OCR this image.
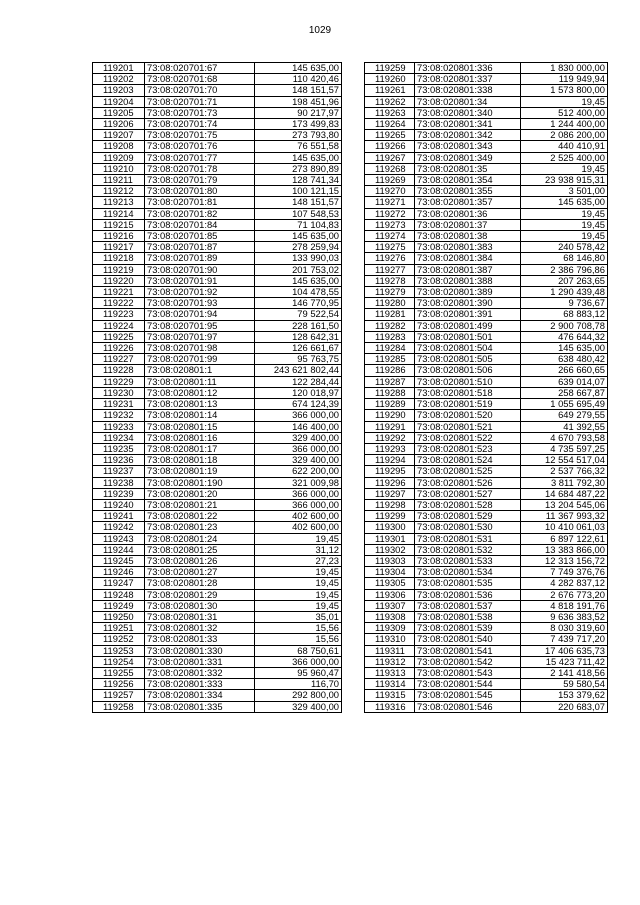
1029
119201	73:08:020701:67	145 635,00
119202	73:08:020701:68	110 420,46
119203	73:08:020701:70	148 151,57
119204	73:08:020701:71	198 451,96
119205	73:08:020701:73	90 217,97
119206	73:08:020701:74	173 499,83
119207	73:08:020701:75	273 793,80
119208	73:08:020701:76	76 551,58
119209	73:08:020701:77	145 635,00
119210	73:08:020701:78	273 890,89
119211	73:08:020701:79	128 741,34
119212	73:08:020701:80	100 121,15
119213	73:08:020701:81	148 151,57
119214	73:08:020701:82	107 548,53
119215	73:08:020701:84	71 104,83
119216	73:08:020701:85	145 635,00
119217	73:08:020701:87	278 259,94
119218	73:08:020701:89	133 990,03
119219	73:08:020701:90	201 753,02
119220	73:08:020701:91	145 635,00
119221	73:08:020701:92	104 478,55
119222	73:08:020701:93	146 770,95
119223	73:08:020701:94	79 522,54
119224	73:08:020701:95	228 161,50
119225	73:08:020701:97	128 642,31
119226	73:08:020701:98	126 661,67
119227	73:08:020701:99	95 763,75
119228	73:08:020801:1	243 621 802,44
119229	73:08:020801:11	122 284,44
119230	73:08:020801:12	120 018,97
119231	73:08:020801:13	674 124,39
119232	73:08:020801:14	366 000,00
119233	73:08:020801:15	146 400,00
119234	73:08:020801:16	329 400,00
119235	73:08:020801:17	366 000,00
119236	73:08:020801:18	329 400,00
119237	73:08:020801:19	622 200,00
119238	73:08:020801:190	321 009,98
119239	73:08:020801:20	366 000,00
119240	73:08:020801:21	366 000,00
119241	73:08:020801:22	402 600,00
119242	73:08:020801:23	402 600,00
119243	73:08:020801:24	19,45
119244	73:08:020801:25	31,12
119245	73:08:020801:26	27,23
119246	73:08:020801:27	19,45
119247	73:08:020801:28	19,45
119248	73:08:020801:29	19,45
119249	73:08:020801:30	19,45
119250	73:08:020801:31	35,01
119251	73:08:020801:32	15,56
119252	73:08:020801:33	15,56
119253	73:08:020801:330	68 750,61
119254	73:08:020801:331	366 000,00
119255	73:08:020801:332	95 960,47
119256	73:08:020801:333	116,70
119257	73:08:020801:334	292 800,00
119258	73:08:020801:335	329 400,00
119259	73:08:020801:336	1 830 000,00
119260	73:08:020801:337	119 949,94
119261	73:08:020801:338	1 573 800,00
119262	73:08:020801:34	19,45
119263	73:08:020801:340	512 400,00
119264	73:08:020801:341	1 244 400,00
119265	73:08:020801:342	2 086 200,00
119266	73:08:020801:343	440 410,91
119267	73:08:020801:349	2 525 400,00
119268	73:08:020801:35	19,45
119269	73:08:020801:354	23 938 915,31
119270	73:08:020801:355	3 501,00
119271	73:08:020801:357	145 635,00
119272	73:08:020801:36	19,45
119273	73:08:020801:37	19,45
119274	73:08:020801:38	19,45
119275	73:08:020801:383	240 578,42
119276	73:08:020801:384	68 146,80
119277	73:08:020801:387	2 386 796,86
119278	73:08:020801:388	207 263,65
119279	73:08:020801:389	1 290 439,48
119280	73:08:020801:390	9 736,67
119281	73:08:020801:391	68 883,12
119282	73:08:020801:499	2 900 708,78
119283	73:08:020801:501	476 644,32
119284	73:08:020801:504	145 635,00
119285	73:08:020801:505	638 480,42
119286	73:08:020801:506	266 660,65
119287	73:08:020801:510	639 014,07
119288	73:08:020801:518	258 667,87
119289	73:08:020801:519	1 055 695,49
119290	73:08:020801:520	649 279,55
119291	73:08:020801:521	41 392,55
119292	73:08:020801:522	4 670 793,58
119293	73:08:020801:523	4 735 597,25
119294	73:08:020801:524	12 554 517,04
119295	73:08:020801:525	2 537 766,32
119296	73:08:020801:526	3 811 792,30
119297	73:08:020801:527	14 684 487,22
119298	73:08:020801:528	13 204 545,06
119299	73:08:020801:529	11 367 993,32
119300	73:08:020801:530	10 410 061,03
119301	73:08:020801:531	6 897 122,61
119302	73:08:020801:532	13 383 866,00
119303	73:08:020801:533	12 313 156,72
119304	73:08:020801:534	7 749 376,76
119305	73:08:020801:535	4 282 837,12
119306	73:08:020801:536	2 676 773,20
119307	73:08:020801:537	4 818 191,76
119308	73:08:020801:538	9 636 383,52
119309	73:08:020801:539	8 030 319,60
119310	73:08:020801:540	7 439 717,20
119311	73:08:020801:541	17 406 635,73
119312	73:08:020801:542	15 423 711,42
119313	73:08:020801:543	2 141 418,56
119314	73:08:020801:544	59 580,54
119315	73:08:020801:545	153 379,62
119316	73:08:020801:546	220 683,07
